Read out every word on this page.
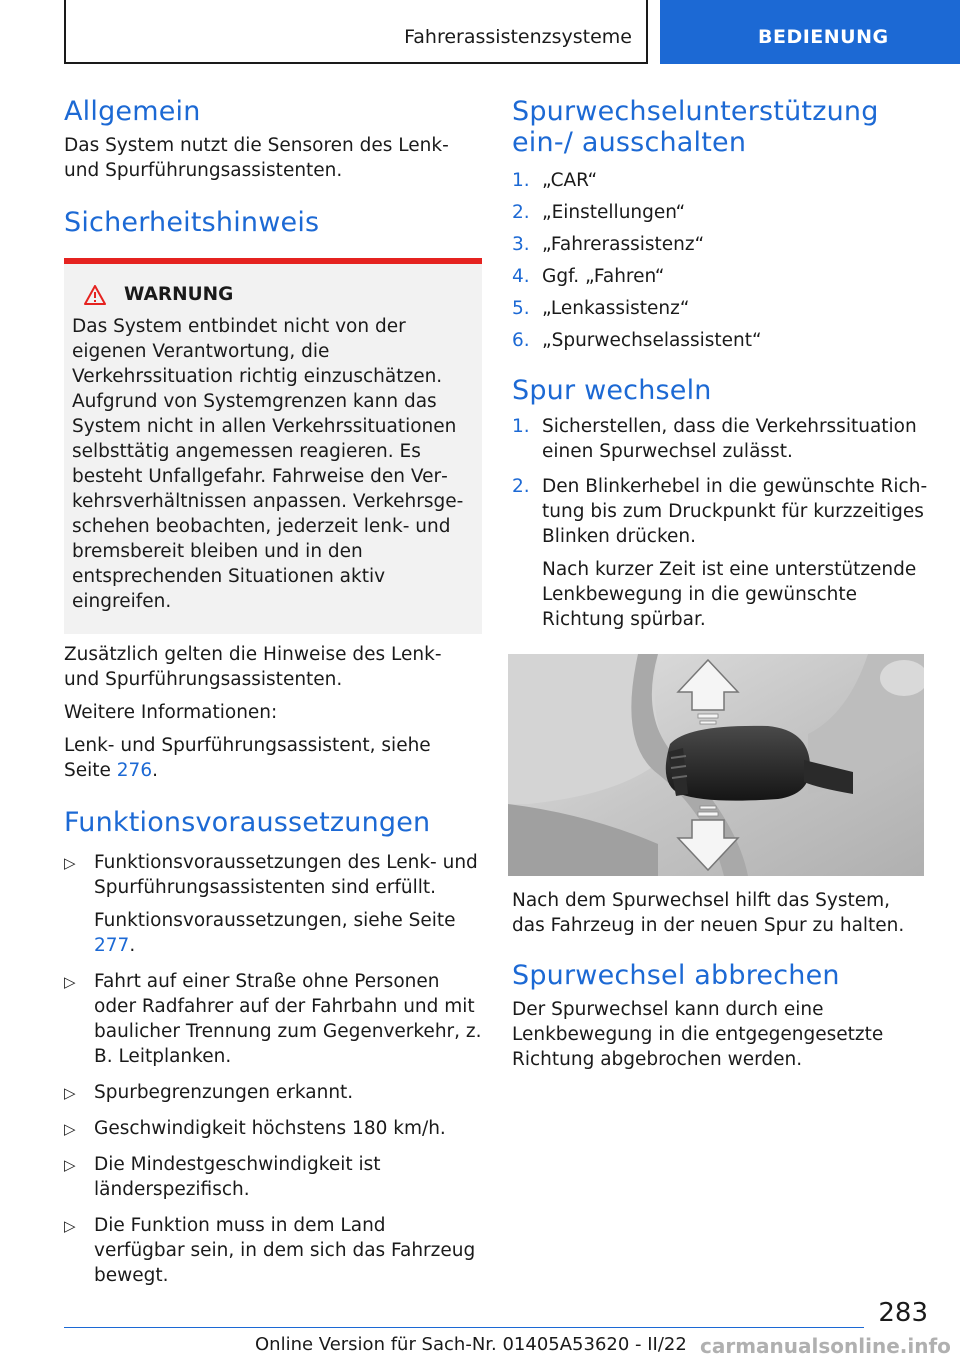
Fahrerassistenzsysteme	BEDIENUNG
Allgemein

Das System nutzt die Sensoren des Lenk- und Spurführungsassistenten.

Sicherheitshinweis
WARNUNG

Das System entbindet nicht von der eigenen Verantwortung, die Verkehrssituation richtig einzuschätzen. Aufgrund von Systemgrenzen kann das System nicht in allen Verkehrssituationen selbsttätig angemessen reagieren. Es besteht Unfallgefahr. Fahrweise den Verkehrsverhältnissen anpassen. Verkehrsgeschehen beobachten, jederzeit lenk- und bremsbereit bleiben und in den entsprechenden Situationen aktiv eingreifen.

Zusätzlich gelten die Hinweise des Lenk- und Spurführungsassistenten.

Weitere Informationen:

Lenk- und Spurführungsassistent, siehe Seite 276.

Funktionsvoraussetzungen
▷ Funktionsvoraussetzungen des Lenk- und Spurführungsassistenten sind erfüllt.

Funktionsvoraussetzungen, siehe Seite 277.

▷ Fahrt auf einer Straße ohne Personen oder Radfahrer auf der Fahrbahn und mit baulicher Trennung zum Gegenverkehr, z. B. Leitplanken.

▷ Spurbegrenzungen erkannt.

▷ Geschwindigkeit höchstens 180 km/h.

▷ Die Mindestgeschwindigkeit ist länderspezifisch.

▷ Die Funktion muss in dem Land verfügbar sein, in dem sich das Fahrzeug bewegt.

Spurwechselunterstützung ein-/ ausschalten
1. „CAR“

2. „Einstellungen“

3. „Fahrerassistenz“

4. Ggf. „Fahren“

5. „Lenkassistenz“

6. „Spurwechselassistent“

Spur wechseln
1. Sicherstellen, dass die Verkehrssituation einen Spurwechsel zulässt.

2. Den Blinkerhebel in die gewünschte Richtung bis zum Druckpunkt für kurzzeitiges Blinken drücken.

Nach kurzer Zeit ist eine unterstützende Lenkbewegung in die gewünschte Richtung spürbar.

Nach dem Spurwechsel hilft das System, das Fahrzeug in der neuen Spur zu halten.

Spurwechsel abbrechen

Der Spurwechsel kann durch eine Lenkbewegung in die entgegengesetzte Richtung abgebrochen werden.

283
Online Version für Sach-Nr. 01405A53620 - II/22 carmanualsonline.info
